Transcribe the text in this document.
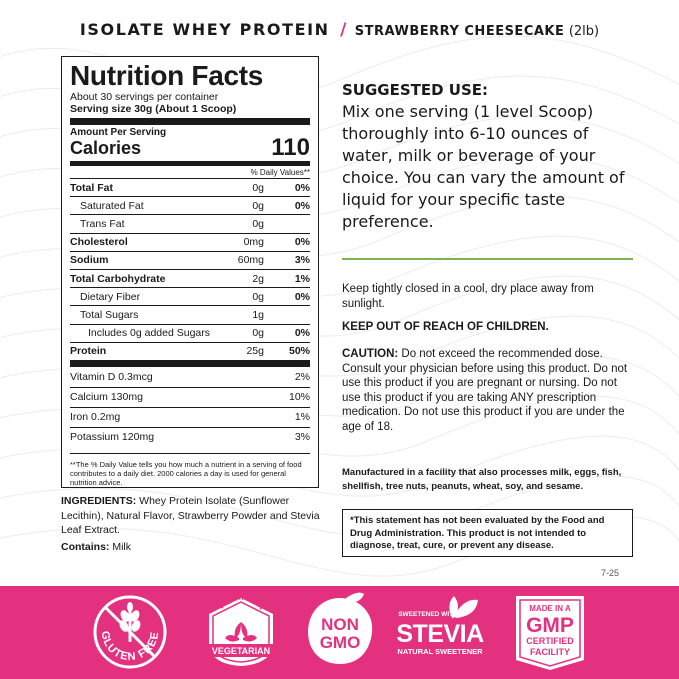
ISOLATE WHEY PROTEIN / STRAWBERRY CHEESECAKE (2lb)
Nutrition Facts
About 30 servings per container
Serving size 30g (About 1 Scoop)
Amount Per Serving
Calories	110
% Daily Values**
Total Fat	0g	0%
Saturated Fat	0g	0%
Trans Fat	0g
Cholesterol	0mg	0%
Sodium	60mg	3%
Total Carbohydrate	2g	1%
Dietary Fiber	0g	0%
Total Sugars	1g
Includes 0g added Sugars	0g	0%
Protein	25g	50%
Vitamin D 0.3mcg	2%
Calcium 130mg	10%
Iron 0.2mg	1%
Potassium 120mg	3%
**The % Daily Value tells you how much a nutrient in a serving of food contributes to a daily diet. 2000 calories a day is used for general nutrition advice.
INGREDIENTS: Whey Protein Isolate (Sunflower Lecithin), Natural Flavor, Strawberry Powder and Stevia Leaf Extract.
Contains: Milk
SUGGESTED USE:
Mix one serving (1 level Scoop) thoroughly into 6-10 ounces of water, milk or beverage of your choice. You can vary the amount of liquid for your specific taste preference.
Keep tightly closed in a cool, dry place away from sunlight.
KEEP OUT OF REACH OF CHILDREN.
CAUTION: Do not exceed the recommended dose. Consult your physician before using this product. Do not use this product if you are pregnant or nursing. Do not use this product if you are taking ANY prescription medication. Do not use this product if you are under the age of 18.
Manufactured in a facility that also processes milk, eggs, fish, shellfish, tree nuts, peanuts, wheat, soy, and sesame.
*This statement has not been evaluated by the Food and Drug Administration. This product is not intended to diagnose, treat, cure, or prevent any disease.
7-25
GLUTEN FREE
VEGETARIAN
VEGETARIAN
NON
GMO
SWEETENED WITH
STEVIA
NATURAL SWEETENER
MADE IN A
GMP
CERTIFIED
FACILITY
